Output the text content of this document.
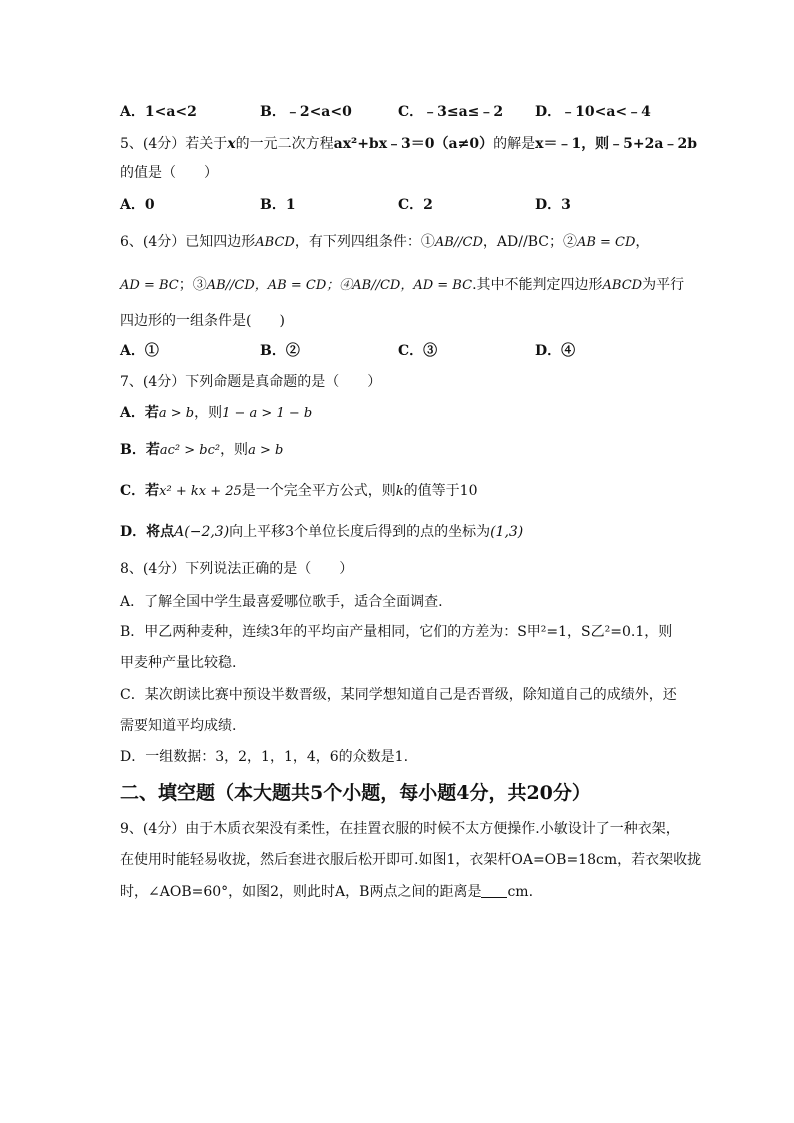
A．1<a<2	B．﹣2<a<0	C．﹣3≤a≤﹣2 D．﹣10<a<﹣4
5、(4分）若关于x的一元二次方程ax²+bx﹣3＝0（a≠0）的解是x＝﹣1，则﹣5+2a﹣2b
的值是（　　）
A．0	B．1	C．2	D．3
6、(4分）已知四边形ABCD，有下列四组条件：①AB//CD，AD//BC；②AB = CD，
AD = BC；③AB//CD，AB = CD；④AB//CD，AD = BC.其中不能判定四边形ABCD为平行
四边形的一组条件是(　　)
A．①	B．②	C．③	D．④
7、(4分）下列命题是真命题的是（　　）
A．若a > b，则1 − a > 1 − b
B．若ac² > bc²，则a > b
C．若x² + kx + 25是一个完全平方公式，则k的值等于10
D．将点A(−2,3)向上平移3个单位长度后得到的点的坐标为(1,3)
8、(4分）下列说法正确的是（　　）
A．了解全国中学生最喜爱哪位歌手，适合全面调查.
B．甲乙两种麦种，连续3年的平均亩产量相同，它们的方差为：S甲²=1，S乙²=0.1，则
甲麦种产量比较稳.
C．某次朗读比赛中预设半数晋级，某同学想知道自己是否晋级，除知道自己的成绩外，还
需要知道平均成绩.
D．一组数据：3，2，1，1，4，6的众数是1.
二、填空题（本大题共5个小题，每小题4分，共20分）
9、(4分）由于木质衣架没有柔性，在挂置衣服的时候不太方便操作.小敏设计了一种衣架，
在使用时能轻易收拢，然后套进衣服后松开即可.如图1，衣架杆OA=OB=18cm，若衣架收拢
时，∠AOB=60°，如图2，则此时A，B两点之间的距离是 cm.
